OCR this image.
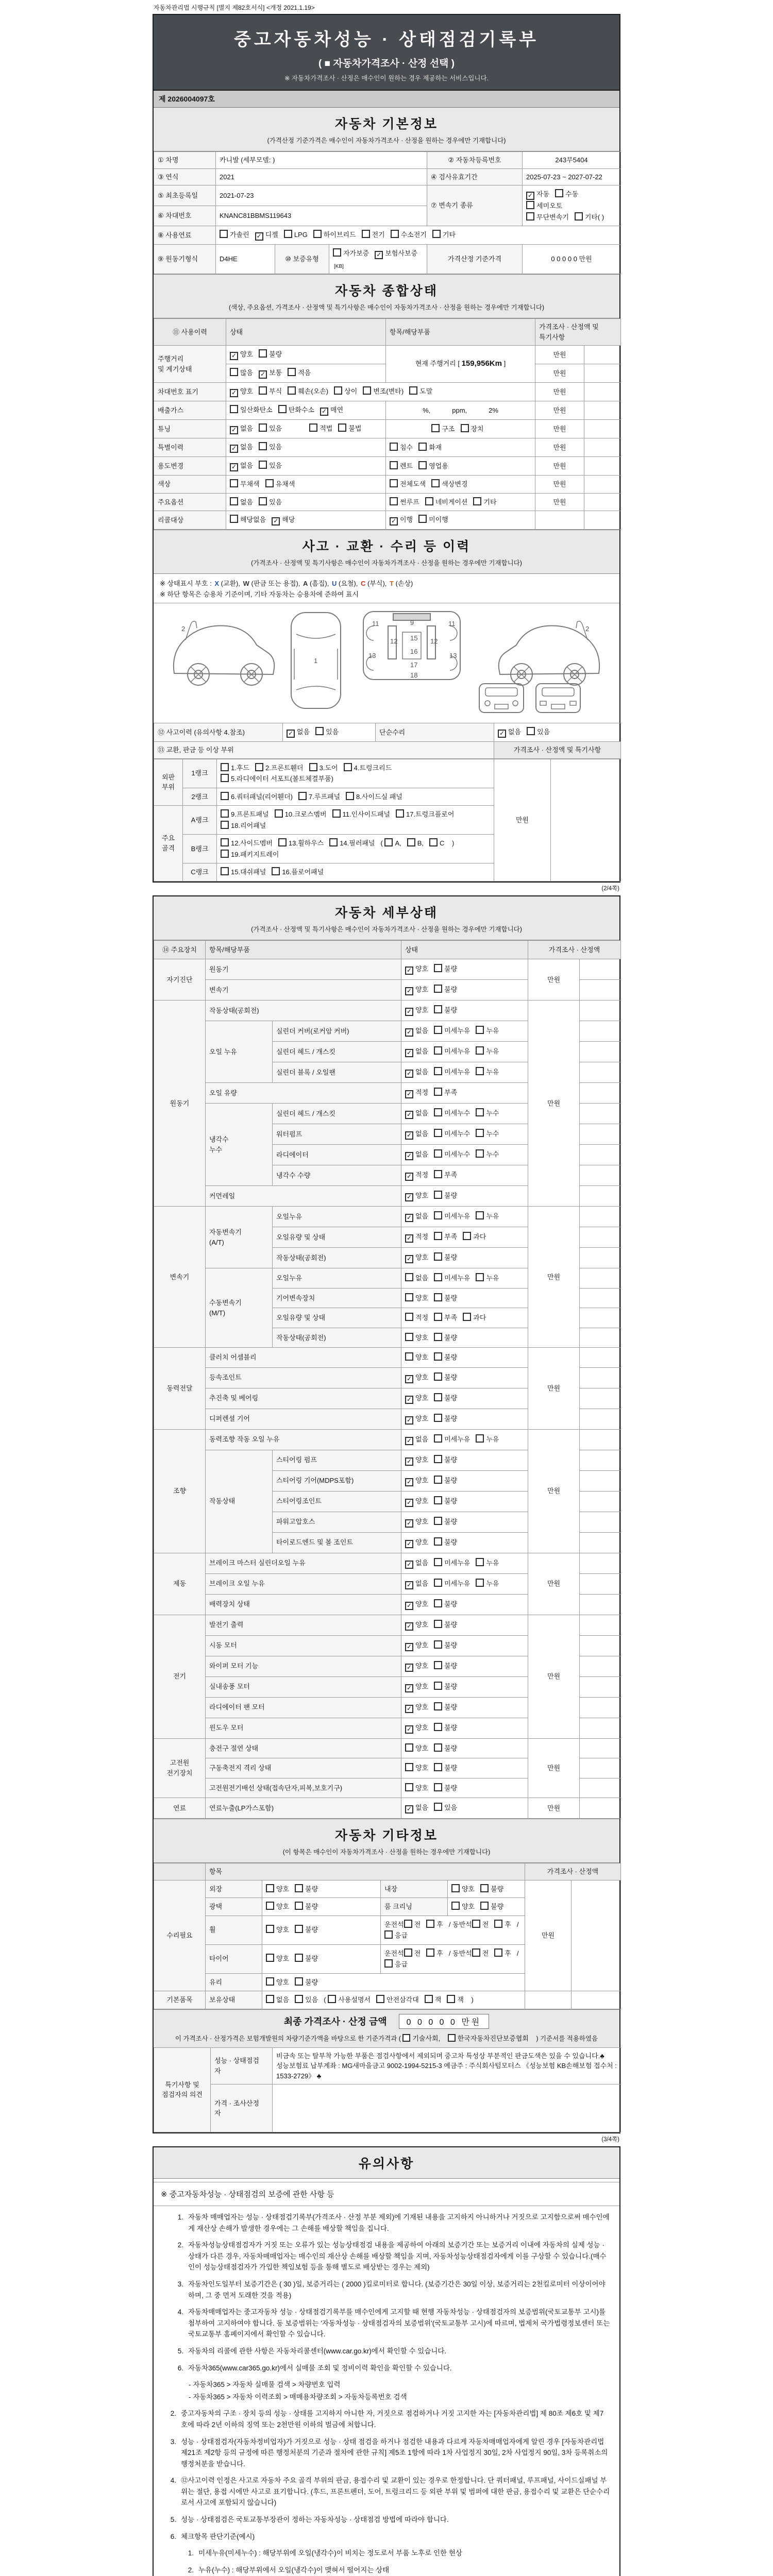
자동차관리법 시행규칙 [별지 제82호서식] <개정 2021.1.19>
중고자동차성능 · 상태점검기록부
( ■ 자동차가격조사 · 산정 선택 )
※ 자동차가격조사 · 산정은 매수인이 원하는 경우 제공하는 서비스입니다.
제 2026004097호
자동차 기본정보
(가격산정 기준가격은 매수인이 자동차가격조사 · 산정을 원하는 경우에만 기재합니다)
① 차명	카니발 (세부모델: )			② 자동차등록번호	243무5404
③ 연식	2021			④ 검사유효기간	2025-07-23 ~ 2027-07-22
⑤ 최초등록일	2021-07-23			⑦ 변속기 종류	✓ 자동 수동세미오토
무단변속기 기타( )
⑥ 차대번호	KNANC81BBMS119643				
⑧ 사용연료	가솔린 ✓ 디젤 LPG 하이브리드 전기 수소전기 기타				
⑨ 원동기형식	D4HE	⑩ 보증유형	자가보증 ✓ 보험사보증[KB]	가격산정 기준가격	0 0 0 0 0 만원
자동차 종합상태
(색상, 주요옵션, 가격조사 · 산정액 및 특기사항은 매수인이 자동차가격조사 · 산정을 원하는 경우에만 기재합니다)
⑪ 사용이력	상태	항목/해당부품	가격조사 · 산정액 및 특기사항	
주행거리
및 계기상태	✓ 양호 불량	현재 주행거리 [ 159,956Km ]	만원	
	많음 ✓ 보통 적음		만원	
차대번호 표기	✓ 양호 부식 훼손(오손) 상이 변조(변타) 도말		만원	
배출가스	일산화탄소 탄화수소 ✓ 매연	%, ppm, 2%	만원	
튜닝	✓ 없음 있음 적법 불법	구조 장치	만원	
특별이력	✓ 없음 있음	침수 화재	만원	
용도변경	✓ 없음 있음	렌트 영업용	만원	
색상	무채색 유채색	전체도색 색상변경	만원	
주요옵션	없음 있음	썬루프 네비게이션 기타	만원	
리콜대상	해당없음 ✓ 해당	✓ 이행 미이행		
사고 · 교환 · 수리 등 이력
(가격조사 · 산정액 및 특기사항은 매수인이 자동차가격조사 · 산정을 원하는 경우에만 기재합니다)
※ 상태표시 부호 : X (교환), W (판금 또는 용접), A (흠집), U (요철), C (부식), T (손상)
※ 하단 항목은 승용차 기준이며, 기타 자동차는 승용차에 준하여 표시
2
1
9
11	11
12	12
13	13
15
16
17
18
2
⑫ 사고이력 (유의사항 4.참조)	✓ 없음 있음	단순수리	✓ 없음 있음
⑬ 교환, 판금 등 이상 부위			가격조사 · 산정액 및 특기사항
외판
부위	1랭크	1.후드 2.프론트휀더 3.도어 4.트렁크리드
5.라디에이터 서포트(볼트체결부품)	만원	
	2랭크	6.쿼터패널(리어휀더) 7.루프패널 8.사이드실 패널		
주요
골격	A랭크	9.프론트패널 10.크로스멤버 11.인사이드패널 17.트렁크플로어
18.리어패널		
	B랭크	12.사이드멤버 13.휠하우스 14.필러패널 ( A, B, C )
19.패키지트레이		
	C랭크	15.대쉬패널 16.플로어패널		
(2/4쪽)
자동차 세부상태
(가격조사 · 산정액 및 특기사항은 매수인이 자동차가격조사 · 산정을 원하는 경우에만 기재합니다)
⑭ 주요장치	항목/해당부품		상태	가격조사 · 산정액	
자기진단	원동기		✓ 양호 불량	만원	
	변속기		✓ 양호 불량		
원동기	작동상태(공회전)		✓ 양호 불량	만원	
	오일 누유	실린더 커버(로커암 커버)	✓ 없음 미세누유 누유		
		실린더 헤드 / 개스킷	✓ 없음 미세누유 누유		
		실린더 블록 / 오일팬	✓ 없음 미세누유 누유		
	오일 유량		✓ 적정 부족		
	냉각수
누수	실린더 헤드 / 개스킷	✓ 없음 미세누수 누수		
		워터펌프	✓ 없음 미세누수 누수		
		라디에이터	✓ 없음 미세누수 누수		
		냉각수 수량	✓ 적정 부족		
	커먼레일		✓ 양호 불량		
변속기	자동변속기
(A/T)	오일누유	✓ 없음 미세누유 누유	만원	
		오일유량 및 상태	✓ 적정 부족 과다		
		작동상태(공회전)	✓ 양호 불량		
	수동변속기
(M/T)	오일누유	없음 미세누유 누유		
		기어변속장치	양호 불량		
		오일유량 및 상태	적정 부족 과다		
		작동상태(공회전)	양호 불량		
동력전달	클러치 어셈블리		양호 불량	만원	
	등속조인트		✓ 양호 불량		
	추진축 및 베어링		✓ 양호 불량		
	디퍼렌셜 기어		✓ 양호 불량		
조향	동력조향 작동 오일 누유		✓ 없음 미세누유 누유	만원	
	작동상태	스티어링 펌프	✓ 양호 불량		
		스티어링 기어(MDPS포함)	✓ 양호 불량		
		스티어링조인트	✓ 양호 불량		
		파워고압호스	✓ 양호 불량		
		타이로드엔드 및 볼 조인트	✓ 양호 불량		
제동	브레이크 마스터 실린더오일 누유		✓ 없음 미세누유 누유	만원	
	브레이크 오일 누유		✓ 없음 미세누유 누유		
	배력장치 상태		✓ 양호 불량		
전기	발전기 출력		✓ 양호 불량	만원	
	시동 모터		✓ 양호 불량		
	와이퍼 모터 기능		✓ 양호 불량		
	실내송풍 모터		✓ 양호 불량		
	라디에이터 팬 모터		✓ 양호 불량		
	윈도우 모터		✓ 양호 불량		
고전원
전기장치	충전구 절연 상태		양호 불량	만원	
	구동축전지 격리 상태		양호 불량		
	고전원전기배선 상태(접속단자,피복,보호기구)		양호 불량		
연료	연료누출(LP가스포함)		✓ 없음 있음	만원	
자동차 기타정보
(이 항목은 매수인이 자동차가격조사 · 산정을 원하는 경우에만 기재합니다)
	항목				가격조사 · 산정액	
수리필요	외장	양호 불량	내장	양호 불량	만원	
	광택	양호 불량	룸 크리닝	양호 불량		
	휠	양호 불량	운전석 전 후 / 동반석 전 후 /응급			
	타이어	양호 불량	운전석 전 후 / 동반석 전 후 /응급			
	유리	양호 불량				
기본품목	보유상태	없음 있음 ( 사용설명서 안전삼각대 잭 잭 )				
최종 가격조사 · 산정 금액 0 0 0 0 0 만원
이 가격조사 · 산정가격은 보험개발원의 차량기준가액을 바탕으로 한 기준가격과 ( 기술사회,	한국자동차진단보증협회 ) 기준서를 적용하였음
특기사항 및
점검자의 의견	성능 · 상태점검
자	비금속 또는 탈부착 가능한 부품은 점검사항에서 제외되며 중고차 특성상 부분적인 판금도색은 있을 수 있습니다.♣ 성능보험료 납부계좌 : MG새마을금고 9002-1994-5215-3 예금주 : 주식회사텀모터스 《성능보험 KB손해보험 접수처 : 1533-2729》 ♣
	가격 · 조사산정
자	
(3/4쪽)
유의사항
※ 중고자동차성능 · 상태점검의 보증에 관한 사항 등
1. 자동차 매매업자는 성능 · 상태점검기록부(가격조사 · 산정 부분 제외)에 기재된 내용을 고지하지 아니하거나 거짓으로 고지함으로써 매수인에게 재산상 손해가 발생한 경우에는 그 손해를 배상할 책임을 집니다.
2. 자동차성능상태점검자가 거짓 또는 오류가 있는 성능상태점검 내용을 제공하여 아래의 보증기간 또는 보증거리 이내에 자동차의 실제 성능 · 상태가 다른 경우, 자동차매매업자는 매수인의 재산상 손해를 배상할 책임을 지며, 자동차성능상태점검자에게 이를 구상할 수 있습니다.(매수인이 성능상태점검자가 가입한 책임보험 등을 통해 별도로 배상받는 경우는 제외)
3. 자동차인도일부터 보증기간은 ( 30 )일, 보증거리는 ( 2000 )킬로미터로 합니다. (보증기간은 30일 이상, 보증거리는 2천킬로미터 이상이어야 하며, 그 중 먼저 도래한 것을 적용)
4. 자동차매매업자는 중고자동차 성능 · 상태점검기록부를 매수인에게 고지할 때 현행 자동차성능 · 상태점검자의 보증범위(국토교통부 고시)를 첨부하여 고지하여야 합니다. 동 보증범위는 '자동차성능 · 상태점검자의 보증범위'(국토교통부 고시)에 따르며, 법제처 국가법령정보센터 또는 국토교통부 홈페이지에서 확인할 수 있습니다.
5. 자동차의 리콜에 관한 사항은 자동차리콜센터(www.car.go.kr)에서 확인할 수 있습니다.
6. 자동차365(www.car365.go.kr)에서 실매물 조회 및 정비이력 확인을 확인할 수 있습니다.
- 자동차365 > 자동차 실매물 검색 > 차량번호 입력
- 자동차365 > 자동차 이력조회 > 매매용차량조회 > 자동차등록번호 검색
2. 중고자동차의 구조 · 장치 등의 성능 · 상태를 고지하지 아니한 자, 거짓으로 점검하거나 거짓 고지한 자는 [자동차관리법] 제 80조 제6호 및 제7호에 따라 2년 이하의 징역 또는 2천만원 이하의 벌금에 처합니다.
3. 성능 · 상태점검자(자동차정비업자)가 거짓으로 성능 · 상태 점검을 하거나 점검한 내용과 다르게 자동차매매업자에게 알린 경우 [자동차관리법 제21조 제2항 등의 규정에 따른 행정처분의 기준과 절차에 관한 규칙] 제5조 1항에 따라 1차 사업정지 30일, 2차 사업정지 90일, 3차 등록취소의 행정처분을 받습니다.
4. ⑫사고이력 인정은 사고로 자동차 주요 골격 부위의 판금, 용접수리 및 교환이 있는 경우로 한정합니다. 단 쿼터패널, 루프패널, 사이드실패널 부위는 절단, 용접 시에만 사고로 표기합니다. (후드, 프론트펜더, 도어, 트렁크리드 등 외판 부위 및 범퍼에 대한 판금, 용접수리 및 교환은 단순수리로서 사고에 포함되지 않습니다)
5. 성능 · 상태점검은 국토교통부장관이 정하는 자동차성능 · 상태점검 방법에 따라야 합니다.
6. 체크항목 판단기준(예시)
1. 미세누유(미세누수) : 해당부위에 오일(냉각수)이 비치는 정도로서 부품 노후로 인한 현상
2. 누유(누수) : 해당부위에서 오일(냉각수)이 맺혀서 떨어지는 상태
